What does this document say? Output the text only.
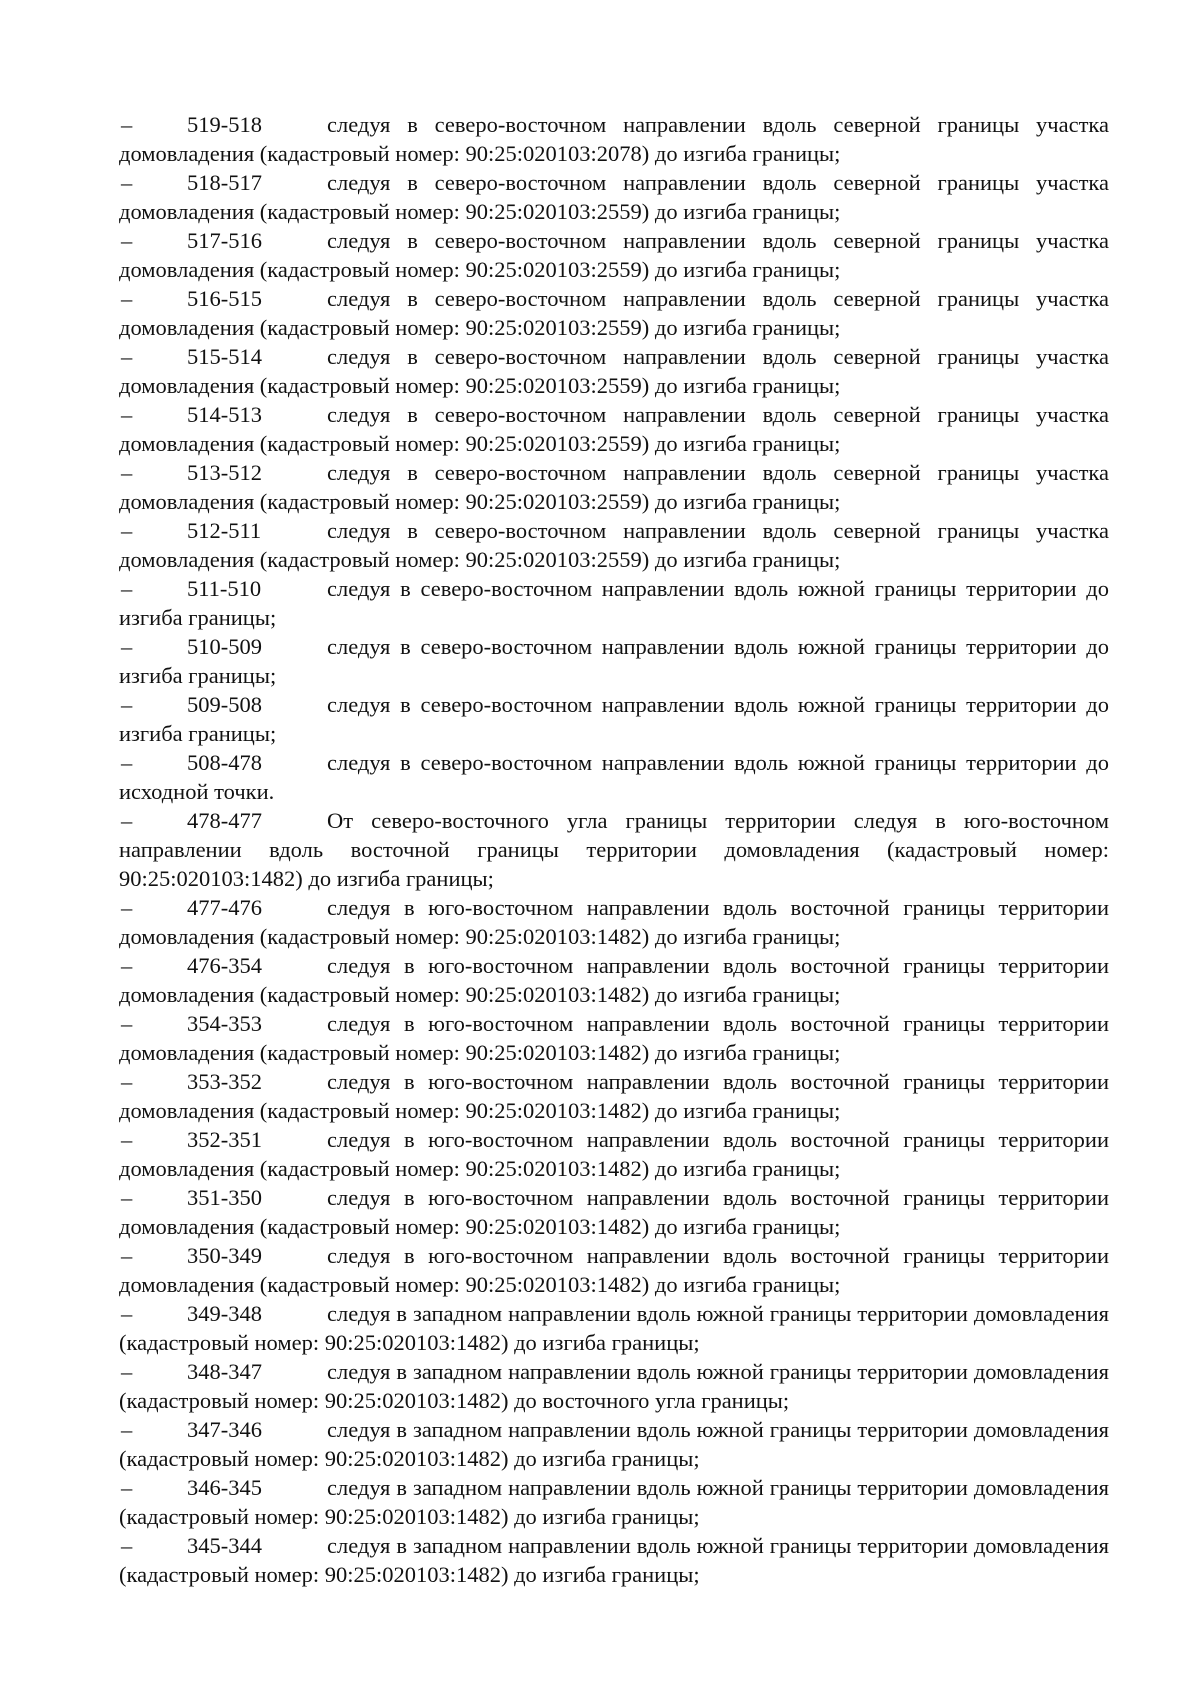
– 519-518	следуя в северо-восточном направлении вдоль северной границы участка домовладения (кадастровый номер: 90:25:020103:2078) до изгиба границы;

– 518-517	следуя в северо-восточном направлении вдоль северной границы участка домовладения (кадастровый номер: 90:25:020103:2559) до изгиба границы;

– 517-516	следуя в северо-восточном направлении вдоль северной границы участка домовладения (кадастровый номер: 90:25:020103:2559) до изгиба границы;

– 516-515	следуя в северо-восточном направлении вдоль северной границы участка домовладения (кадастровый номер: 90:25:020103:2559) до изгиба границы;

– 515-514	следуя в северо-восточном направлении вдоль северной границы участка домовладения (кадастровый номер: 90:25:020103:2559) до изгиба границы;

– 514-513	следуя в северо-восточном направлении вдоль северной границы участка домовладения (кадастровый номер: 90:25:020103:2559) до изгиба границы;

– 513-512	следуя в северо-восточном направлении вдоль северной границы участка домовладения (кадастровый номер: 90:25:020103:2559) до изгиба границы;

– 512-511	следуя в северо-восточном направлении вдоль северной границы участка домовладения (кадастровый номер: 90:25:020103:2559) до изгиба границы;

– 511-510	следуя в северо-восточном направлении вдоль южной границы территории до изгиба границы;

– 510-509	следуя в северо-восточном направлении вдоль южной границы территории до изгиба границы;

– 509-508	следуя в северо-восточном направлении вдоль южной границы территории до изгиба границы;

– 508-478	следуя в северо-восточном направлении вдоль южной границы территории до исходной точки.

– 478-477	От северо-восточного угла границы территории следуя в юго-восточном направлении вдоль восточной границы территории домовладения (кадастровый номер: 90:25:020103:1482) до изгиба границы;

– 477-476	следуя в юго-восточном направлении вдоль восточной границы территории домовладения (кадастровый номер: 90:25:020103:1482) до изгиба границы;

– 476-354	следуя в юго-восточном направлении вдоль восточной границы территории домовладения (кадастровый номер: 90:25:020103:1482) до изгиба границы;

– 354-353	следуя в юго-восточном направлении вдоль восточной границы территории домовладения (кадастровый номер: 90:25:020103:1482) до изгиба границы;

– 353-352	следуя в юго-восточном направлении вдоль восточной границы территории домовладения (кадастровый номер: 90:25:020103:1482) до изгиба границы;

– 352-351	следуя в юго-восточном направлении вдоль восточной границы территории домовладения (кадастровый номер: 90:25:020103:1482) до изгиба границы;

– 351-350	следуя в юго-восточном направлении вдоль восточной границы территории домовладения (кадастровый номер: 90:25:020103:1482) до изгиба границы;

– 350-349	следуя в юго-восточном направлении вдоль восточной границы территории домовладения (кадастровый номер: 90:25:020103:1482) до изгиба границы;

– 349-348	следуя в западном направлении вдоль южной границы территории домовладения (кадастровый номер: 90:25:020103:1482) до изгиба границы;

– 348-347	следуя в западном направлении вдоль южной границы территории домовладения (кадастровый номер: 90:25:020103:1482) до восточного угла границы;

– 347-346	следуя в западном направлении вдоль южной границы территории домовладения (кадастровый номер: 90:25:020103:1482) до изгиба границы;

– 346-345	следуя в западном направлении вдоль южной границы территории домовладения (кадастровый номер: 90:25:020103:1482) до изгиба границы;

– 345-344	следуя в западном направлении вдоль южной границы территории домовладения (кадастровый номер: 90:25:020103:1482) до изгиба границы;
